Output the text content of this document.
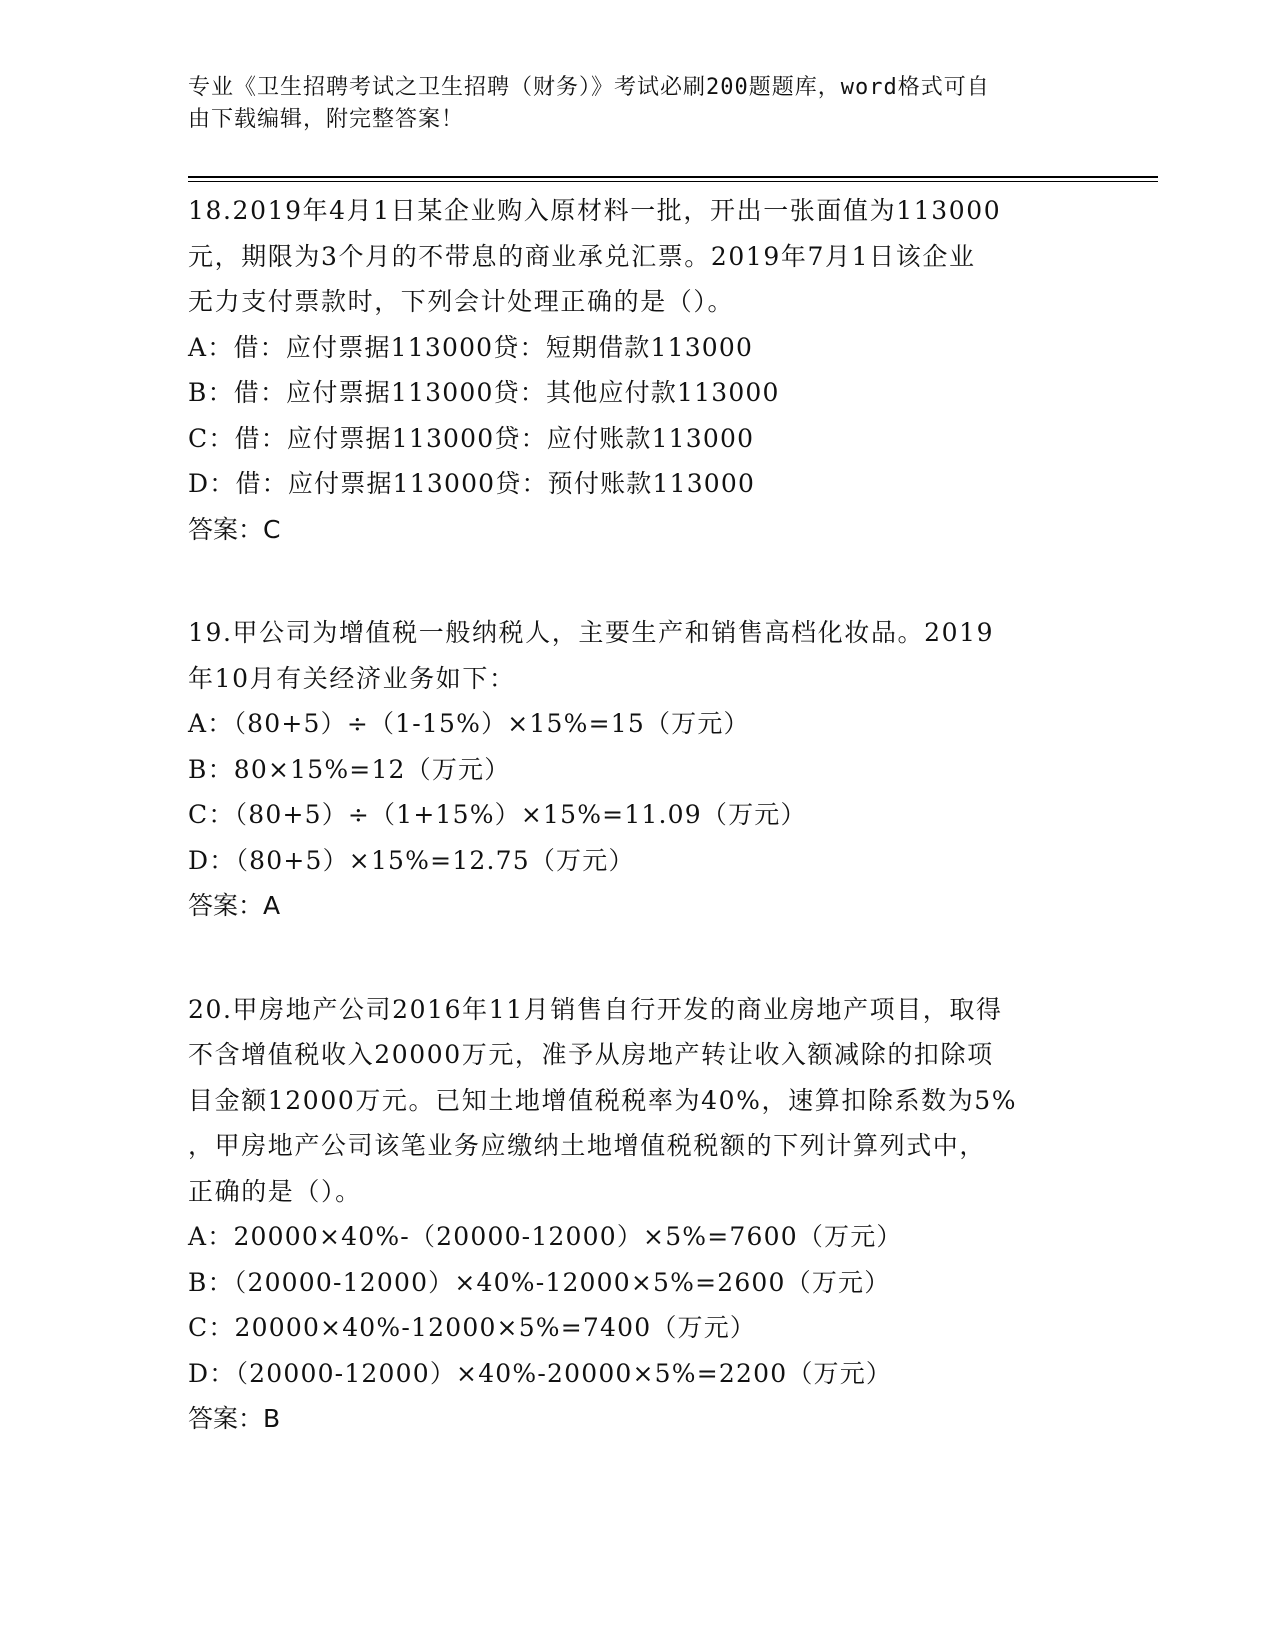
专业《卫生招聘考试之卫生招聘（财务）》考试必刷200题题库，word格式可自
由下载编辑，附完整答案！

18.2019年4月1日某企业购入原材料一批，开出一张面值为113000

元，期限为3个月的不带息的商业承兑汇票。2019年7月1日该企业

无力支付票款时，下列会计处理正确的是（）。

A：借：应付票据113000贷：短期借款113000

B：借：应付票据113000贷：其他应付款113000

C：借：应付票据113000贷：应付账款113000

D：借：应付票据113000贷：预付账款113000

答案：C

19.甲公司为增值税一般纳税人，主要生产和销售高档化妆品。2019

年10月有关经济业务如下：

A：（80+5）÷（1-15%）×15%=15（万元）

B：80×15%=12（万元）

C：（80+5）÷（1+15%）×15%=11.09（万元）

D：（80+5）×15%=12.75（万元）

答案：A

20.甲房地产公司2016年11月销售自行开发的商业房地产项目，取得

不含增值税收入20000万元，准予从房地产转让收入额减除的扣除项

目金额12000万元。已知土地增值税税率为40%，速算扣除系数为5%

，甲房地产公司该笔业务应缴纳土地增值税税额的下列计算列式中，

正确的是（）。

A：20000×40%-（20000-12000）×5%=7600（万元）

B：（20000-12000）×40%-12000×5%=2600（万元）

C：20000×40%-12000×5%=7400（万元）

D：（20000-12000）×40%-20000×5%=2200（万元）

答案：B
